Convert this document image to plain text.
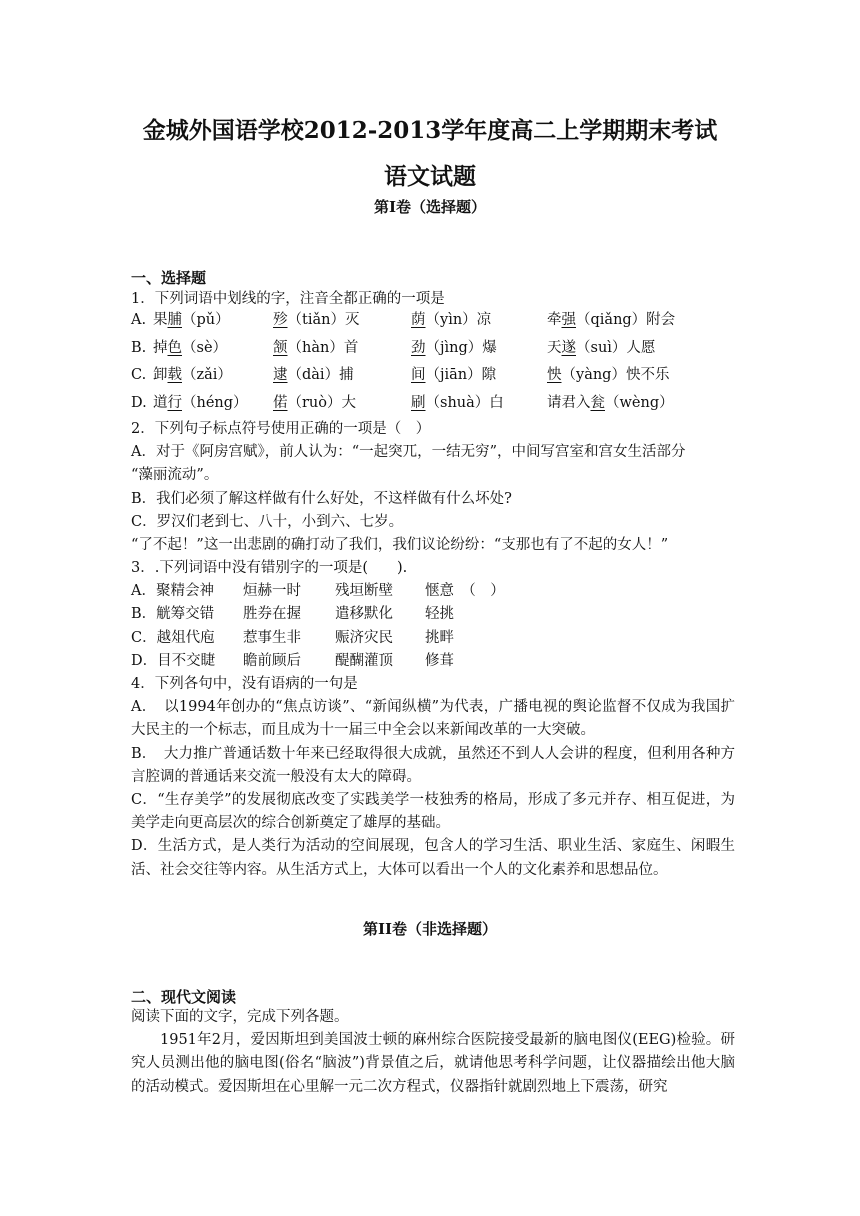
金城外国语学校2012-2013学年度高二上学期期末考试
语文试题
第I卷（选择题）
一、选择题
1．下列词语中划线的字，注音全都正确的一项是
A. 果脯（pǔ）	殄（tiǎn）灭	荫（yìn）凉	牵强（qiǎng）附会
B. 掉色（sè）	颔（hàn）首	劲（jìng）爆	天遂（suì）人愿
C. 卸载（zǎi）	逮（dài）捕	间（jiān）隙	怏（yàng）怏不乐
D. 道行（héng） 偌（ruò）大	刷（shuà）白	请君入瓮（wèng）
2．下列句子标点符号使用正确的一项是（　）
A．对于《阿房宫赋》，前人认为：“一起突兀，一结无穷”，中间写宫室和宫女生活部分
“藻丽流动”。
B．我们必须了解这样做有什么好处，不这样做有什么坏处?
C．罗汉们老到七、八十，小到六、七岁。
“了不起！”这一出悲剧的确打动了我们，我们议论纷纷：“支那也有了不起的女人！”
3．.下列词语中没有错别字的一项是(　　).
A．聚精会神 烜赫一时 残垣断壁 惬意　（　）
B．觥筹交错 胜券在握 遣移默化 轻挑
C．越俎代庖 惹事生非 赈济灾民 挑畔
D．目不交睫 瞻前顾后 醍醐灌顶 修葺

4．下列各句中，没有语病的一句是

A．　以1994年创办的“焦点访谈”、“新闻纵横”为代表，广播电视的舆论监督不仅成为我国扩大民主的一个标志，而且成为十一届三中全会以来新闻改革的一大突破。

B．　大力推广普通话数十年来已经取得很大成就，虽然还不到人人会讲的程度，但利用各种方言腔调的普通话来交流一般没有太大的障碍。

C．“生存美学”的发展彻底改变了实践美学一枝独秀的格局，形成了多元并存、相互促进，为美学走向更高层次的综合创新奠定了雄厚的基础。

D．生活方式，是人类行为活动的空间展现，包含人的学习生活、职业生活、家庭生、闲暇生活、社会交往等内容。从生活方式上，大体可以看出一个人的文化素养和思想品位。

第II卷（非选择题）
二、现代文阅读

阅读下面的文字，完成下列各题。

1951年2月，爱因斯坦到美国波士顿的麻州综合医院接受最新的脑电图仪(EEG)检验。研究人员测出他的脑电图(俗名“脑波”)背景值之后，就请他思考科学问题，让仪器描绘出他大脑的活动模式。爱因斯坦在心里解一元二次方程式，仪器指针就剧烈地上下震荡，研究
